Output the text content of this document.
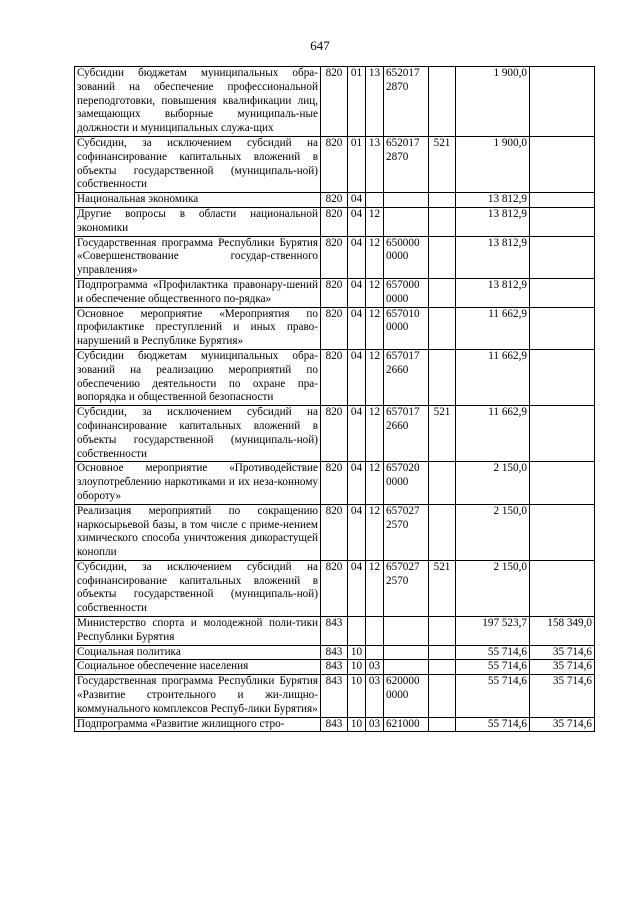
647
Субсидии бюджетам муниципальных обра-зований на обеспечение профессиональной переподготовки, повышения квалификации лиц, замещающих выборные муниципаль-ные должности и муниципальных служа-щих	820	01	13	652017 2870		1 900,0	
Субсидии, за исключением субсидий на софинансирование капитальных вложений в объекты государственной (муниципаль-ной) собственности	820	01	13	652017 2870	521	1 900,0	
Национальная экономика	820	04				13 812,9	
Другие вопросы в области национальной экономики	820	04	12			13 812,9	
Государственная программа Республики Бурятия «Совершенствование государ-ственного управления»	820	04	12	650000 0000		13 812,9	
Подпрограмма «Профилактика правонару-шений и обеспечение общественного по-рядка»	820	04	12	657000 0000		13 812,9	
Основное мероприятие «Мероприятия по профилактике преступлений и иных право-нарушений в Республике Бурятия»	820	04	12	657010 0000		11 662,9	
Субсидии бюджетам муниципальных обра-зований на реализацию мероприятий по обеспечению деятельности по охране пра-вопорядка и общественной безопасности	820	04	12	657017 2660		11 662,9	
Субсидии, за исключением субсидий на софинансирование капитальных вложений в объекты государственной (муниципаль-ной) собственности	820	04	12	657017 2660	521	11 662,9	
Основное мероприятие «Противодействие злоупотреблению наркотиками и их неза-конному обороту»	820	04	12	657020 0000		2 150,0	
Реализация мероприятий по сокращению наркосырьевой базы, в том числе с приме-нением химического способа уничтожения дикорастущей конопли	820	04	12	657027 2570		2 150,0	
Субсидии, за исключением субсидий на софинансирование капитальных вложений в объекты государственной (муниципаль-ной) собственности	820	04	12	657027 2570	521	2 150,0	
Министерство спорта и молодежной поли-тики Республики Бурятия	843					197 523,7	158 349,0
Социальная политика	843	10				55 714,6	35 714,6
Социальное обеспечение населения	843	10	03			55 714,6	35 714,6
Государственная программа Республики Бурятия «Развитие строительного и жи-лищно-коммунального комплексов Респуб-лики Бурятия»	843	10	03	620000 0000		55 714,6	35 714,6
Подпрограмма «Развитие жилищного стро-	843	10	03	621000		55 714,6	35 714,6
